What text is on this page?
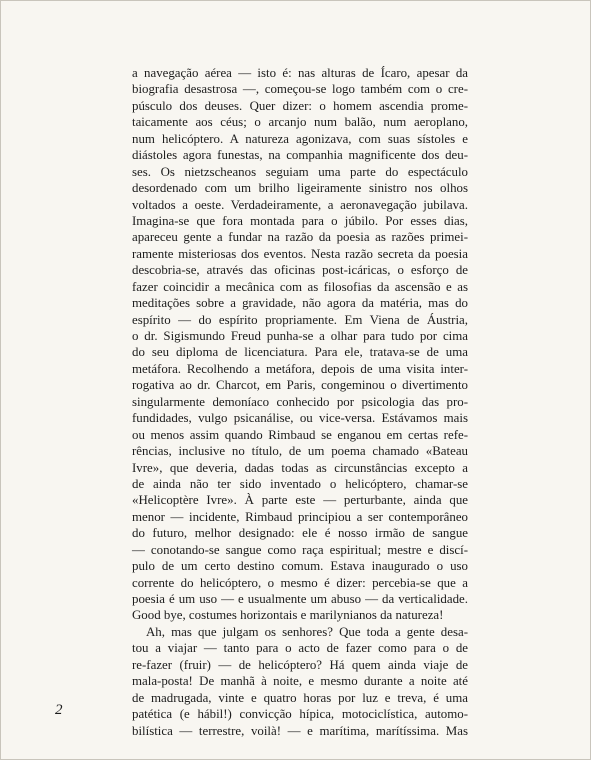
a navegação aérea — isto é: nas alturas de Ícaro, apesar da
biografia desastrosa —, começou-se logo também com o cre-
púsculo dos deuses. Quer dizer: o homem ascendia prome-
taicamente aos céus; o arcanjo num balão, num aeroplano,
num helicóptero. A natureza agonizava, com suas sístoles e
diástoles agora funestas, na companhia magnificente dos deu-
ses. Os nietzscheanos seguiam uma parte do espectáculo
desordenado com um brilho ligeiramente sinistro nos olhos
voltados a oeste. Verdadeiramente, a aeronavegação jubilava.
Imagina-se que fora montada para o júbilo. Por esses dias,
apareceu gente a fundar na razão da poesia as razões primei-
ramente misteriosas dos eventos. Nesta razão secreta da poesia
descobria-se, através das oficinas post-icáricas, o esforço de
fazer coincidir a mecânica com as filosofias da ascensão e as
meditações sobre a gravidade, não agora da matéria, mas do
espírito — do espírito propriamente. Em Viena de Áustria,
o dr. Sigismundo Freud punha-se a olhar para tudo por cima
do seu diploma de licenciatura. Para ele, tratava-se de uma
metáfora. Recolhendo a metáfora, depois de uma visita inter-
rogativa ao dr. Charcot, em Paris, congeminou o divertimento
singularmente demoníaco conhecido por psicologia das pro-
fundidades, vulgo psicanálise, ou vice-versa. Estávamos mais
ou menos assim quando Rimbaud se enganou em certas refe-
rências, inclusive no título, de um poema chamado «Bateau
Ivre», que deveria, dadas todas as circunstâncias excepto a
de ainda não ter sido inventado o helicóptero, chamar-se
«Helicoptère Ivre». À parte este — perturbante, ainda que
menor — incidente, Rimbaud principiou a ser contemporâneo
do futuro, melhor designado: ele é nosso irmão de sangue
— conotando-se sangue como raça espiritual; mestre e discí-
pulo de um certo destino comum. Estava inaugurado o uso
corrente do helicóptero, o mesmo é dizer: percebia-se que a
poesia é um uso — e usualmente um abuso — da verticalidade.
Good bye, costumes horizontais e marilynianos da natureza!
Ah, mas que julgam os senhores? Que toda a gente desa-
tou a viajar — tanto para o acto de fazer como para o de
re-fazer (fruir) — de helicóptero? Há quem ainda viaje de
mala-posta! De manhã à noite, e mesmo durante a noite até
de madrugada, vinte e quatro horas por luz e treva, é uma
patética (e hábil!) convicção hípica, motociclística, automo-
bilística — terrestre, voilà! — e marítima, marítíssima. Mas
2
